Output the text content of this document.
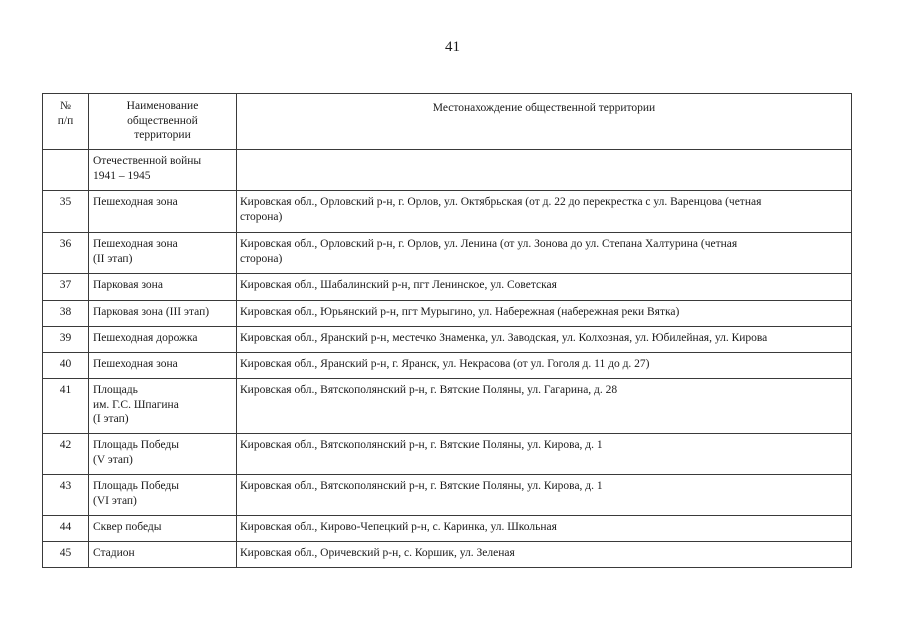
41
№
п/п	Наименование
общественной
территории	Местонахождение общественной территории
	Отечественной войны
1941 – 1945	
35	Пешеходная зона	Кировская обл., Орловский р-н, г. Орлов, ул. Октябрьская (от д. 22 до перекрестка с ул. Варенцова (четная
сторона)
36	Пешеходная зона
(II этап)	Кировская обл., Орловский р-н, г. Орлов, ул. Ленина (от ул. Зонова до ул. Степана Халтурина (четная
сторона)
37	Парковая зона	Кировская обл., Шабалинский р-н, пгт Ленинское, ул. Советская
38	Парковая зона (III этап)	Кировская обл., Юрьянский р-н, пгт Мурыгино, ул. Набережная (набережная реки Вятка)
39	Пешеходная дорожка	Кировская обл., Яранский р-н, местечко Знаменка, ул. Заводская, ул. Колхозная, ул. Юбилейная, ул. Кирова
40	Пешеходная зона	Кировская обл., Яранский р-н, г. Яранск, ул. Некрасова (от ул. Гоголя д. 11 до д. 27)
41	Площадь
им. Г.С. Шпагина
(I этап)	Кировская обл., Вятскополянский р-н, г. Вятские Поляны, ул. Гагарина, д. 28
42	Площадь Победы
(V этап)	Кировская обл., Вятскополянский р-н, г. Вятские Поляны, ул. Кирова, д. 1
43	Площадь Победы
(VI этап)	Кировская обл., Вятскополянский р-н, г. Вятские Поляны, ул. Кирова, д. 1
44	Сквер победы	Кировская обл., Кирово-Чепецкий р-н, с. Каринка, ул. Школьная
45	Стадион	Кировская обл., Оричевский р-н, с. Коршик, ул. Зеленая
